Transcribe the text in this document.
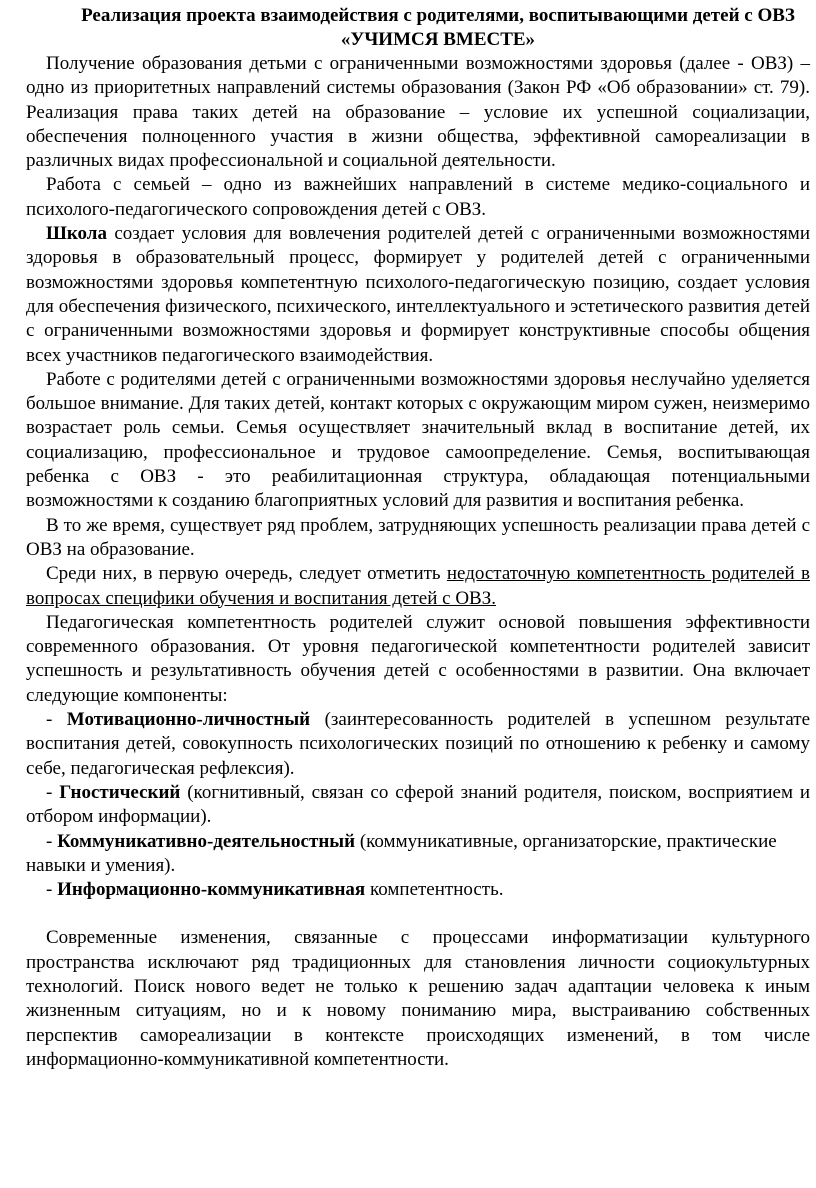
Реализация проекта взаимодействия с родителями, воспитывающими детей с ОВЗ
«УЧИМСЯ ВМЕСТЕ»

Получение образования детьми с ограниченными возможностями здоровья (далее - ОВЗ) – одно из приоритетных направлений системы образования (Закон РФ «Об образовании» ст. 79). Реализация права таких детей на образование – условие их успешной социализации, обеспечения полноценного участия в жизни общества, эффективной самореализации в различных видах профессиональной и социальной деятельности.

Работа с семьей – одно из важнейших направлений в системе медико-социального и психолого-педагогического сопровождения детей с ОВЗ.

Школа создает условия для вовлечения родителей детей с ограниченными возможностями здоровья в образовательный процесс, формирует у родителей детей с ограниченными возможностями здоровья компетентную психолого-педагогическую позицию, создает условия для обеспечения физического, психического, интеллектуального и эстетического развития детей с ограниченными возможностями здоровья и формирует конструктивные способы общения всех участников педагогического взаимодействия.

Работе с родителями детей с ограниченными возможностями здоровья неслучайно уделяется большое внимание. Для таких детей, контакт которых с окружающим миром сужен, неизмеримо возрастает роль семьи. Семья осуществляет значительный вклад в воспитание детей, их социализацию, профессиональное и трудовое самоопределение. Семья, воспитывающая ребенка с ОВЗ - это реабилитационная структура, обладающая потенциальными возможностями к созданию благоприятных условий для развития и воспитания ребенка.

В то же время, существует ряд проблем, затрудняющих успешность реализации права детей с ОВЗ на образование.

Среди них, в первую очередь, следует отметить недостаточную компетентность родителей в вопросах специфики обучения и воспитания детей с ОВЗ.

Педагогическая компетентность родителей служит основой повышения эффективности современного образования. От уровня педагогической компетентности родителей зависит успешность и результативность обучения детей с особенностями в развитии. Она включает следующие компоненты:

- Мотивационно-личностный (заинтересованность родителей в успешном результате воспитания детей, совокупность психологических позиций по отношению к ребенку и самому себе, педагогическая рефлексия).

- Гностический (когнитивный, связан со сферой знаний родителя, поиском, восприятием и отбором информации).

- Коммуникативно-деятельностный (коммуникативные, организаторские, практические навыки и умения).

- Информационно-коммуникативная компетентность.

Современные изменения, связанные с процессами информатизации культурного пространства исключают ряд традиционных для становления личности социокультурных технологий. Поиск нового ведет не только к решению задач адаптации человека к иным жизненным ситуациям, но и к новому пониманию мира, выстраиванию собственных перспектив самореализации в контексте происходящих изменений, в том числе информационно-коммуникативной компетентности.
